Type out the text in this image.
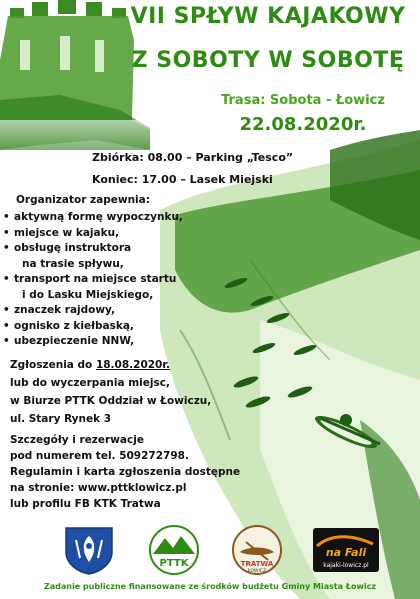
VII SPŁYW KAJAKOWY
Z SOBOTY W SOBOTĘ

Trasa: Sobota - Łowicz

22.08.2020r.

Zbiórka: 08.00 – Parking „Tesco”

Koniec: 17.00 – Lasek Miejski

Organizator zapewnia:

• aktywną formę wypoczynku,
• miejsce w kajaku,
• obsługę instruktora
na trasie spływu,
• transport na miejsce startu
i do Lasku Miejskiego,
• znaczek rajdowy,
• ognisko z kiełbaską,
• ubezpieczenie NNW,

Zgłoszenia do 18.08.2020r.

lub do wyczerpania miejsc,

w Biurze PTTK Oddział w Łowiczu,

ul. Stary Rynek 3

Szczegóły i rezerwacje

pod numerem tel. 509272798.

Regulamin i karta zgłoszenia dostępne

na stronie: www.pttklowicz.pl

lub profilu FB KTK Tratwa

PTTK	TRATWA
ŁOWICZ
na Fali
kajaki-lowicz.pl

Zadanie publiczne finansowane ze środków budżetu Gminy Miasta Łowicz
